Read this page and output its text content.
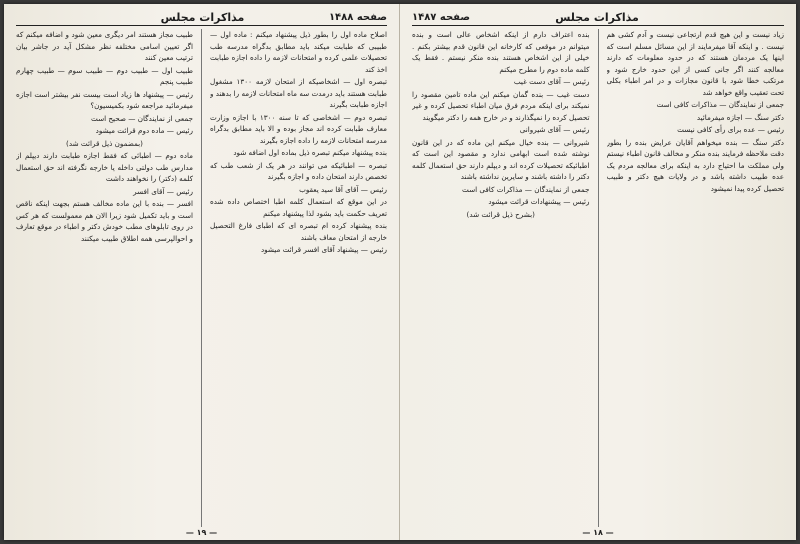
صفحه ۱۴۸۸
مذاکرات مجلس

اصلاح ماده اول را بطور ذیل پیشنهاد میکنم : ماده اول — طبیبی که طبابت میکند باید مطابق بدگراه مدرسه طب تحصیلات علمی کرده و امتحانات لازمه را داده اجازه طبابت اخذ کند

تبصره اول — اشخاصیکه از امتحان لازمه ۱۳۰۰ مشغول طبابت هستند باید درمدت سه ماه امتحانات لازمه را بدهند و اجازه طبابت بگیرند

تبصره دوم — اشخاصی که تا سنه ۱۳۰۰ با اجازه وزارت معارف طبابت کرده اند مجاز بوده و الا باید مطابق بدگراه مدرسه امتحانات لازمه را داده اجازه بگیرند

بنده پیشنهاد میکنم تبصره ذیل بماده اول اضافه شود

تبصره — اطبائیکه می توانند در هر یک از شعب طب که تخصص دارند امتحان داده و اجازه بگیرند

رئیس — آقای آقا سید یعقوب

در این موقع که استعمال کلمه اطبا اختصاص داده شده تعریف حکمت باید بشود لذا پیشنهاد میکنم

بنده پیشنهاد کرده ام تبصره ای که اطبای فارغ التحصیل خارجه از امتحان معاف باشند

رئیس — پیشنهاد آقای افسر قرائت میشود

طبیب مجاز هستند امر دیگری معین شود و اضافه میکنم که اگر تعیین اسامی مختلفه نظر مشکل آید در جاشر بیان ترتیب معین کنند

طبیب اول — طبیب دوم — طبیب سوم — طبیب چهارم طبیب پنجم

رئیس — پیشنهاد ها زیاد است بیست نفر بیشتر است اجازه میفرمائید مراجعه شود بکمیسیون؟

جمعی از نمایندگان — صحیح است

رئیس — ماده دوم قرائت میشود

(بمضمون ذیل قرائت شد)

ماده دوم — اطبائی که فقط اجازه طبابت دارند دیپلم از مدارس طب دولتی داخله یا خارجه نگرفته اند حق استعمال کلمه (دکتر) را نخواهند داشت

رئیس — آقای افسر

افسر — بنده با این ماده مخالف هستم بجهت اینکه ناقص است و باید تکمیل شود زیرا الان هم معمولست که هر کس در روی تابلوهای مطب خودش دکتر و اطباء در موقع تعارف و احوالپرسی همه اطلاق طبیب میکنند

— ۱۹ —
مذاکرات مجلس
صفحه ۱۴۸۷

زیاد نیست و این هیچ قدم ارتجاعی نیست و آدم کشی هم نیست . و اینکه آقا میفرمایند از این مسائل مسلم است که اینها یک مردمان هستند که در حدود معلومات که دارند معالجه کنند اگر جانی کسی از این حدود خارج شود و مرتکب خطا شود با قانون مجازات و در امر اطباء بکلی تحت تعقیب واقع خواهد شد

جمعی از نمایندگان — مذاکرات کافی است

دکتر سنگ — اجازه میفرمائید

رئیس — عده برای رأی کافی نیست

دکتر سنگ — بنده میخواهم آقایان عرایض بنده را بطور دقت ملاحظه فرمایند بنده منکر و مخالف قانون اطباء نیستم ولی مملکت ما احتیاج دارد به اینکه برای معالجه مردم یک عده طبیب داشته باشد و در ولایات هیچ دکتر و طبیب تحصیل کرده پیدا نمیشود

بنده اعتراف دارم از اینکه اشخاص عالی است و بنده میتوانم در موقعی که کارخانه این قانون قدم بیشتر بکنم . خیلی از این اشخاص هستند بنده منکر نیستم . فقط یک کلمه ماده دوم را مطرح میکنم

رئیس — آقای دست غیب

دست غیب — بنده گمان میکنم این ماده تامین مقصود را نمیکند برای اینکه مردم فرق میان اطباء تحصیل کرده و غیر تحصیل کرده را نمیگذارند و در خارج همه را دکتر میگویند

رئیس — آقای شیروانی

شیروانی — بنده خیال میکنم این ماده که در این قانون نوشته شده است ابهامی ندارد و مقصود این است که اطبائیکه تحصیلات کرده اند و دیپلم دارند حق استعمال کلمه دکتر را داشته باشند و سایرین نداشته باشند

جمعی از نمایندگان — مذاکرات کافی است

رئیس — پیشنهادات قرائت میشود

(بشرح ذیل قرائت شد)

— ۱۸ —
